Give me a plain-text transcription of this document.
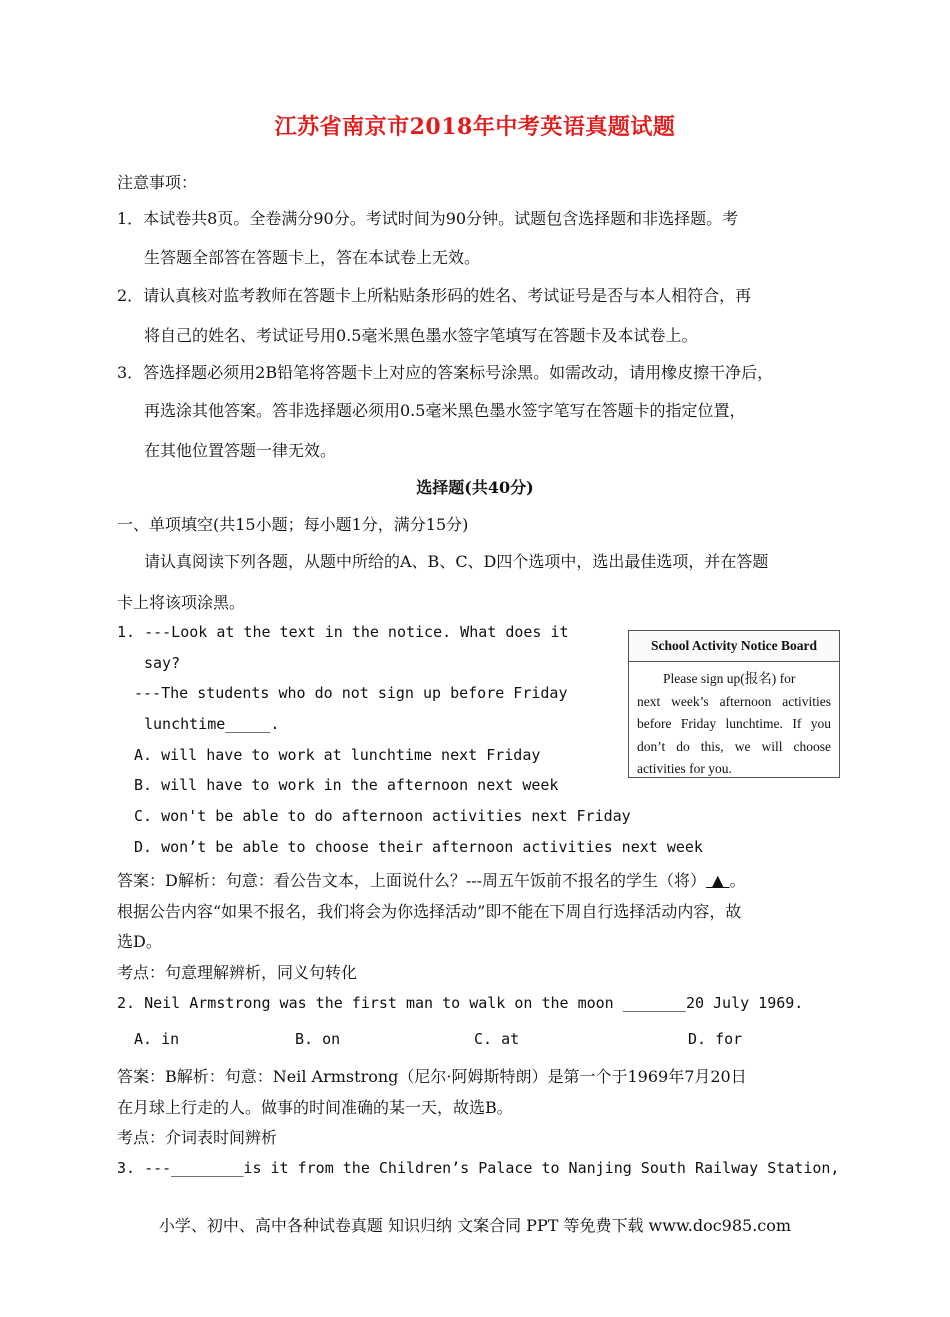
江苏省南京市2018年中考英语真题试题
注意事项：
1．本试卷共8页。全卷满分90分。考试时间为90分钟。试题包含选择题和非选择题。考
生答题全部答在答题卡上，答在本试卷上无效。
2．请认真核对监考教师在答题卡上所粘贴条形码的姓名、考试证号是否与本人相符合，再
将自己的姓名、考试证号用0.5毫米黑色墨水签字笔填写在答题卡及本试卷上。
3．答选择题必须用2B铅笔将答题卡上对应的答案标号涂黑。如需改动，请用橡皮擦干净后，
再选涂其他答案。答非选择题必须用0.5毫米黑色墨水签字笔写在答题卡的指定位置，
在其他位置答题一律无效。
选择题(共40分)
一、单项填空(共15小题；每小题1分，满分15分)
请认真阅读下列各题，从题中所给的A、B、C、D四个选项中，选出最佳选项，并在答题
卡上将该项涂黑。
1. ---Look at the text in the notice. What does it
say?
---The students who do not sign up before Friday
lunchtime_____.
A. will have to work at lunchtime next Friday
B. will have to work in the afternoon next week
C. won't be able to do afternoon activities next Friday
D. won’t be able to choose their afternoon activities next week
School Activity Notice Board
Please sign up(报名) for
next week’s afternoon activities before Friday lunchtime. If you don’t do this, we will choose activities for you.
答案：D解析：句意：看公告文本，上面说什么？---周五午饭前不报名的学生（将） ▲ 。
根据公告内容“如果不报名，我们将会为你选择活动”即不能在下周自行选择活动内容，故
选D。
考点：句意理解辨析，同义句转化
2. Neil Armstrong was the first man to walk on the moon _______20 July 1969.
A. in	B. on	C. at	D. for
答案：B解析：句意：Neil Armstrong（尼尔·阿姆斯特朗）是第一个于1969年7月20日
在月球上行走的人。做事的时间准确的某一天，故选B。
考点：介词表时间辨析
3. ---________is it from the Children’s Palace to Nanjing South Railway Station,
小学、初中、高中各种试卷真题 知识归纳 文案合同 PPT 等免费下载 www.doc985.com
